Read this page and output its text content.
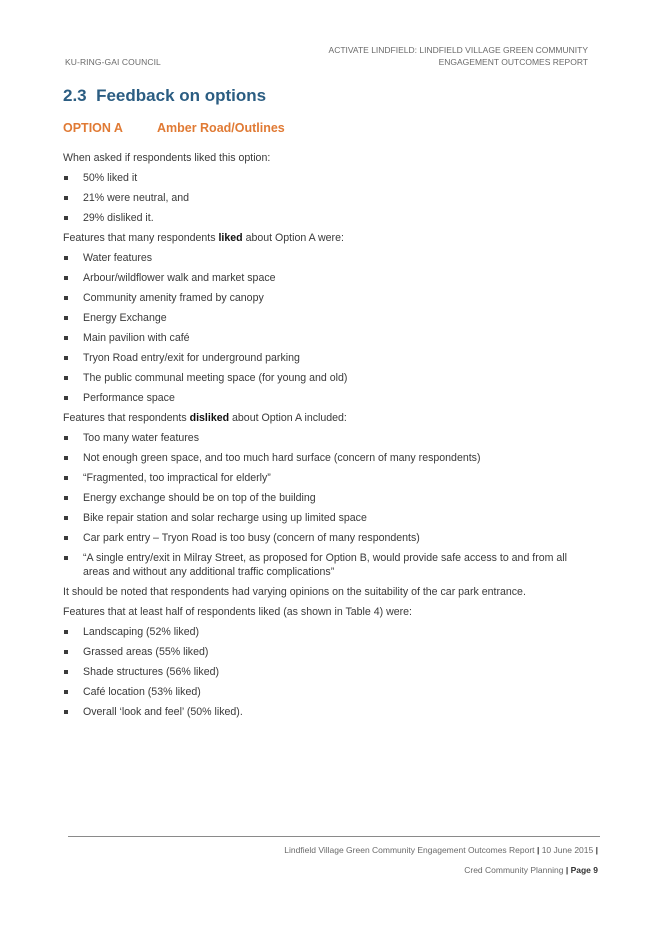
KU-RING-GAI COUNCIL
ACTIVATE LINDFIELD: LINDFIELD VILLAGE GREEN COMMUNITY
ENGAGEMENT OUTCOMES REPORT
2.3 Feedback on options
OPTION A	Amber Road/Outlines

When asked if respondents liked this option:

50% liked it
21% were neutral, and
29% disliked it.

Features that many respondents liked about Option A were:

Water features
Arbour/wildflower walk and market space
Community amenity framed by canopy
Energy Exchange
Main pavilion with café
Tryon Road entry/exit for underground parking
The public communal meeting space (for young and old)
Performance space

Features that respondents disliked about Option A included:

Too many water features
Not enough green space, and too much hard surface (concern of many respondents)
“Fragmented, too impractical for elderly”
Energy exchange should be on top of the building
Bike repair station and solar recharge using up limited space
Car park entry – Tryon Road is too busy (concern of many respondents)
“A single entry/exit in Milray Street, as proposed for Option B, would provide safe access to and from all areas and without any additional traffic complications”

It should be noted that respondents had varying opinions on the suitability of the car park entrance.

Features that at least half of respondents liked (as shown in Table 4) were:

Landscaping (52% liked)
Grassed areas (55% liked)
Shade structures (56% liked)
Café location (53% liked)
Overall ‘look and feel’ (50% liked).
Lindfield Village Green Community Engagement Outcomes Report | 10 June 2015 |
Cred Community Planning | Page 9
